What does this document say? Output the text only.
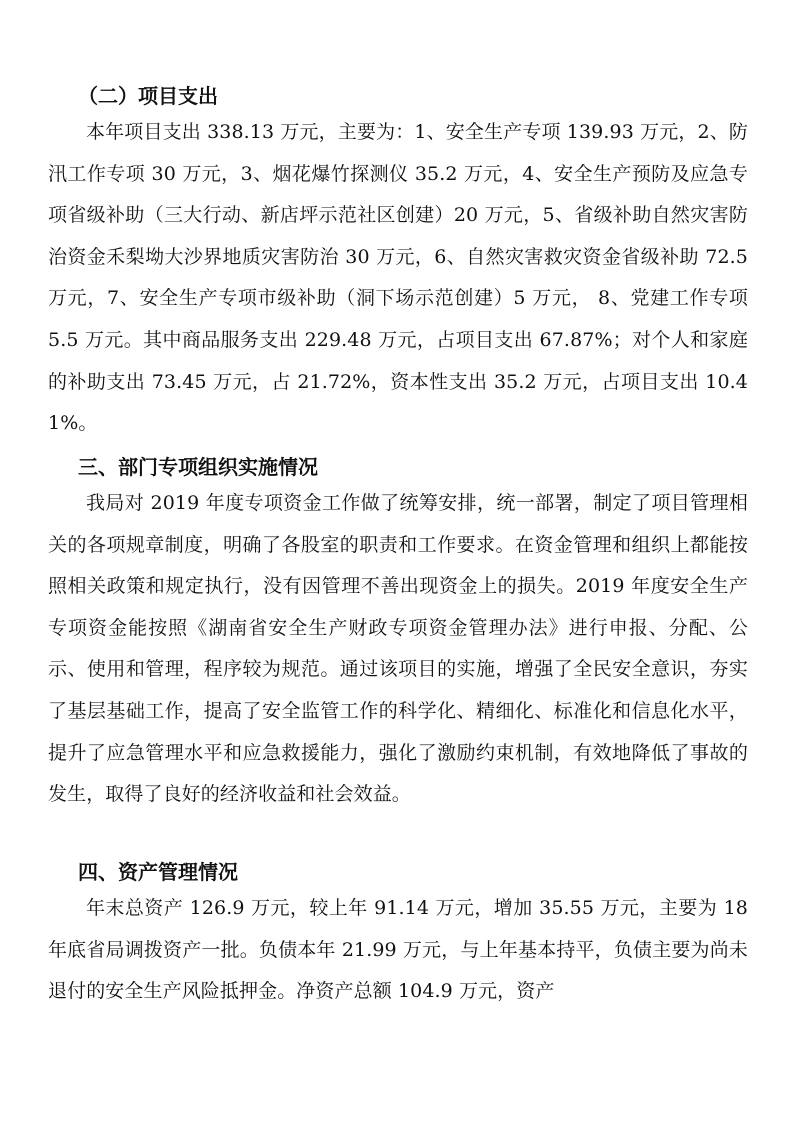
（二）项目支出
本年项目支出 338.13 万元，主要为：1、安全生产专项 139.93 万元，2、防汛工作专项 30 万元，3、烟花爆竹探测仪 35.2 万元，4、安全生产预防及应急专项省级补助（三大行动、新店坪示范社区创建）20 万元，5、省级补助自然灾害防治资金禾梨坳大沙界地质灾害防治 30 万元，6、自然灾害救灾资金省级补助 72.5 万元，7、安全生产专项市级补助（洞下场示范创建）5 万元， 8、党建工作专项 5.5 万元。其中商品服务支出 229.48 万元，占项目支出 67.87%；对个人和家庭的补助支出 73.45 万元，占 21.72%，资本性支出 35.2 万元，占项目支出 10.41%。
三、部门专项组织实施情况
我局对 2019 年度专项资金工作做了统筹安排，统一部署，制定了项目管理相关的各项规章制度，明确了各股室的职责和工作要求。在资金管理和组织上都能按照相关政策和规定执行，没有因管理不善出现资金上的损失。2019 年度安全生产专项资金能按照《湖南省安全生产财政专项资金管理办法》进行申报、分配、公示、使用和管理，程序较为规范。通过该项目的实施，增强了全民安全意识，夯实了基层基础工作，提高了安全监管工作的科学化、精细化、标准化和信息化水平，提升了应急管理水平和应急救援能力，强化了激励约束机制，有效地降低了事故的发生，取得了良好的经济收益和社会效益。
四、资产管理情况
年末总资产 126.9 万元，较上年 91.14 万元，增加 35.55 万元，主要为 18 年底省局调拨资产一批。负债本年 21.99 万元，与上年基本持平，负债主要为尚未退付的安全生产风险抵押金。净资产总额 104.9 万元，资产
